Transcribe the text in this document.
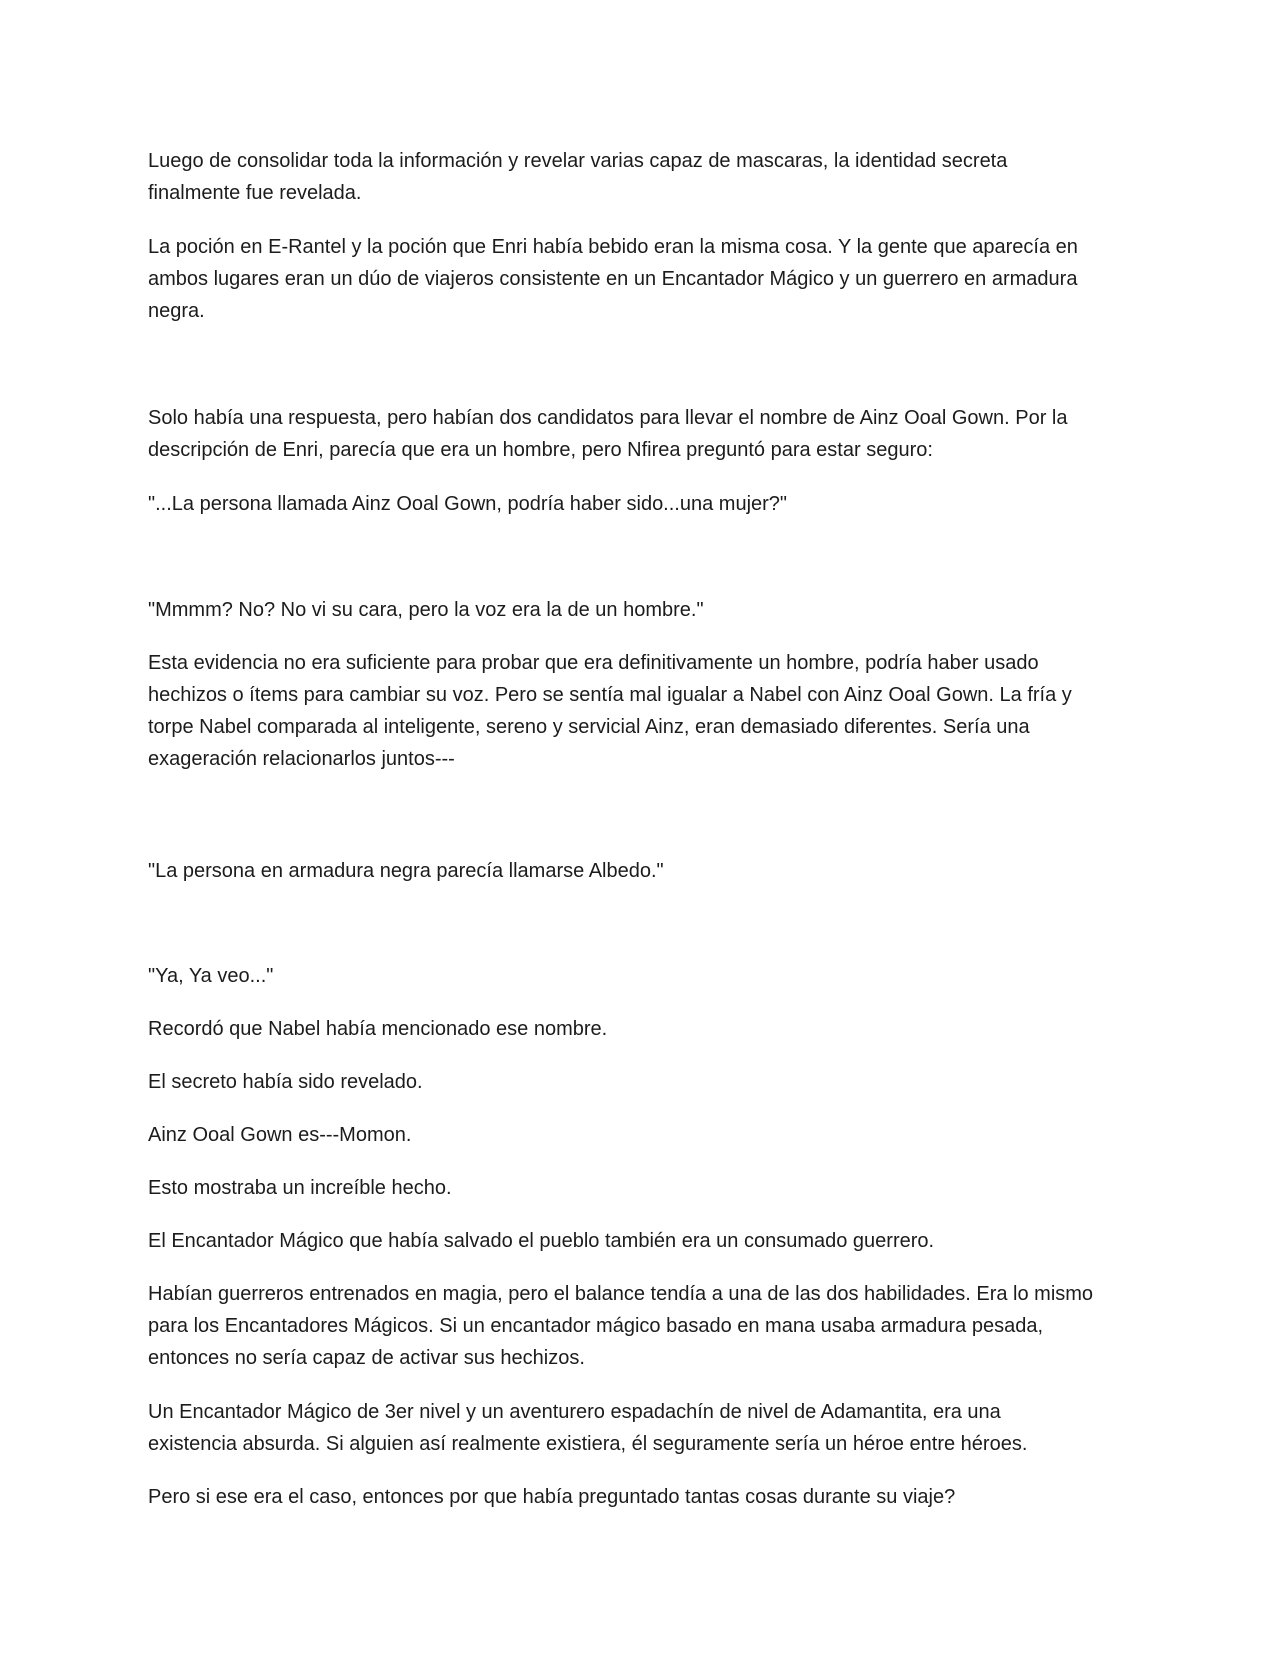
Luego de consolidar toda la información y revelar varias capaz de mascaras, la identidad secreta
finalmente fue revelada.

La poción en E-Rantel y la poción que Enri había bebido eran la misma cosa. Y la gente que aparecía en
ambos lugares eran un dúo de viajeros consistente en un Encantador Mágico y un guerrero en armadura
negra.

Solo había una respuesta, pero habían dos candidatos para llevar el nombre de Ainz Ooal Gown. Por la
descripción de Enri, parecía que era un hombre, pero Nfirea preguntó para estar seguro:

"...La persona llamada Ainz Ooal Gown, podría haber sido...una mujer?"

"Mmmm? No? No vi su cara, pero la voz era la de un hombre."

Esta evidencia no era suficiente para probar que era definitivamente un hombre, podría haber usado
hechizos o ítems para cambiar su voz. Pero se sentía mal igualar a Nabel con Ainz Ooal Gown. La fría y
torpe Nabel comparada al inteligente, sereno y servicial Ainz, eran demasiado diferentes. Sería una
exageración relacionarlos juntos---

"La persona en armadura negra parecía llamarse Albedo."

"Ya, Ya veo..."

Recordó que Nabel había mencionado ese nombre.

El secreto había sido revelado.

Ainz Ooal Gown es---Momon.

Esto mostraba un increíble hecho.

El Encantador Mágico que había salvado el pueblo también era un consumado guerrero.

Habían guerreros entrenados en magia, pero el balance tendía a una de las dos habilidades. Era lo mismo
para los Encantadores Mágicos. Si un encantador mágico basado en mana usaba armadura pesada,
entonces no sería capaz de activar sus hechizos.

Un Encantador Mágico de 3er nivel y un aventurero espadachín de nivel de Adamantita, era una
existencia absurda. Si alguien así realmente existiera, él seguramente sería un héroe entre héroes.

Pero si ese era el caso, entonces por que había preguntado tantas cosas durante su viaje?
